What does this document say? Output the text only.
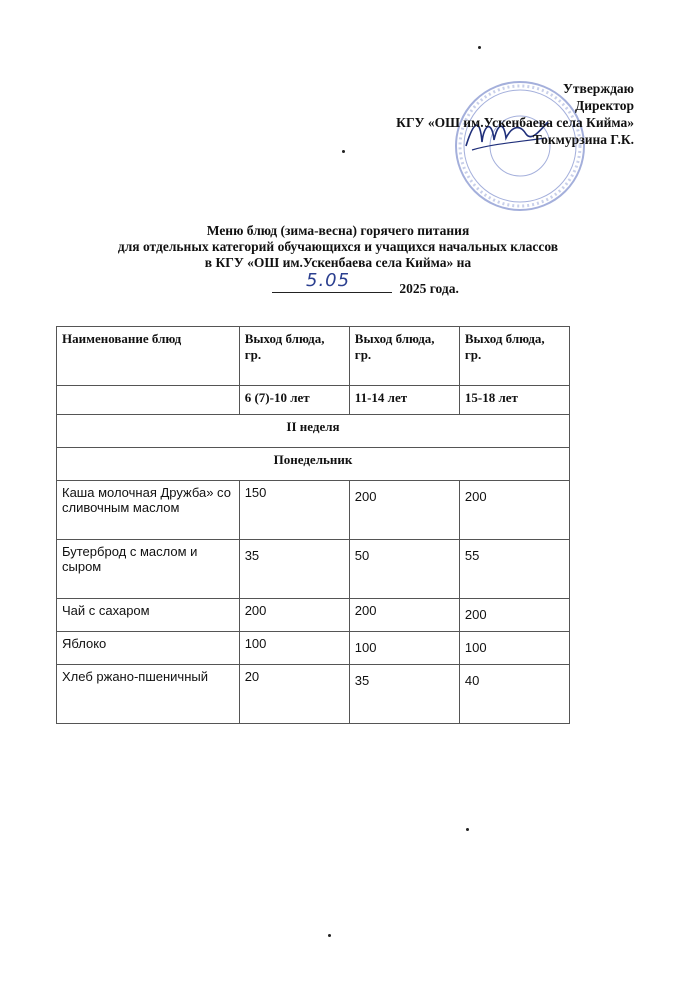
Утверждаю
Директор
КГУ «ОШ им.Ускенбаева села Кийма»
Токмурзина Г.К.
Меню блюд (зима-весна) горячего питания
для отдельных категорий обучающихся и учащихся начальных классов
в КГУ «ОШ им.Ускенбаева села Кийма» на
5.05	2025 года.
Наименование блюд	Выход блюда, гр.	Выход блюда, гр.	Выход блюда, гр.
	6 (7)-10 лет	11-14 лет	15-18 лет
II неделя			
Понедельник			
Каша молочная Дружба» со сливочным маслом	150	200	200
Бутерброд с маслом и сыром	35	50	55
Чай с сахаром	200	200	200
Яблоко	100	100	100
Хлеб ржано-пшеничный	20	35	40
